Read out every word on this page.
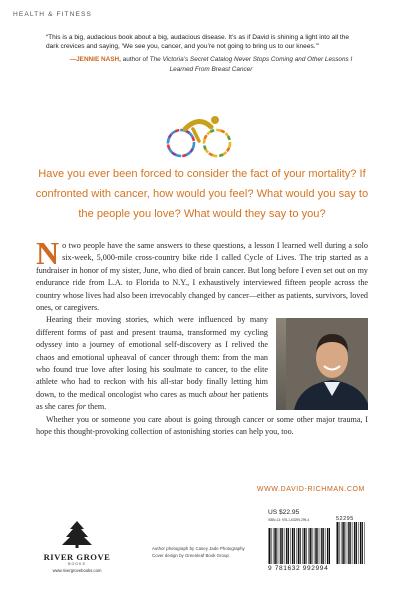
HEALTH & FITNESS
“This is a big, audacious book about a big, audacious disease. It’s as if David is shining a light into all the dark crevices and saying, ‘We see you, cancer, and you’re not going to bring us to our knees.’”
—JENNIE NASH, author of The Victoria’s Secret Catalog Never Stops Coming and Other Lessons I Learned From Breast Cancer
Have you ever been forced to consider the fact of your mortality? If confronted with cancer, how would you feel? What would you say to the people you love? What would they say to you?

No two people have the same answers to these questions, a lesson I learned well during a solo six-week, 5,000-mile cross-country bike ride I called Cycle of Lives. The trip started as a fundraiser in honor of my sister, June, who died of brain cancer. But long before I even set out on my endurance ride from L.A. to Florida to N.Y., I exhaustively interviewed fifteen people across the country whose lives had also been irrevocably changed by cancer—either as patients, survivors, loved ones, or caregivers.

Hearing their moving stories, which were influenced by many different forms of past and present trauma, transformed my cycling odyssey into a journey of emotional self-discovery as I relived the chaos and emotional upheaval of cancer through them: from the man who found true love after losing his soulmate to cancer, to the elite athlete who had to reckon with his all-star body finally letting him down, to the medical oncologist who cares as much about her patients as she cares for them.

Whether you or someone you care about is going through cancer or some other major trauma, I hope this thought-provoking collection of astonishing stories can help you, too.

WWW.DAVID-RICHMAN.COM
RIVER GROVE
BOOKS
www.rivergrovebooks.com
Author photograph by Casey Jade Photography
Cover design by Greenleaf Book Group
US $22.95
ISBN-13: 978-1-63299-299-4	52295
9 781632 992994
